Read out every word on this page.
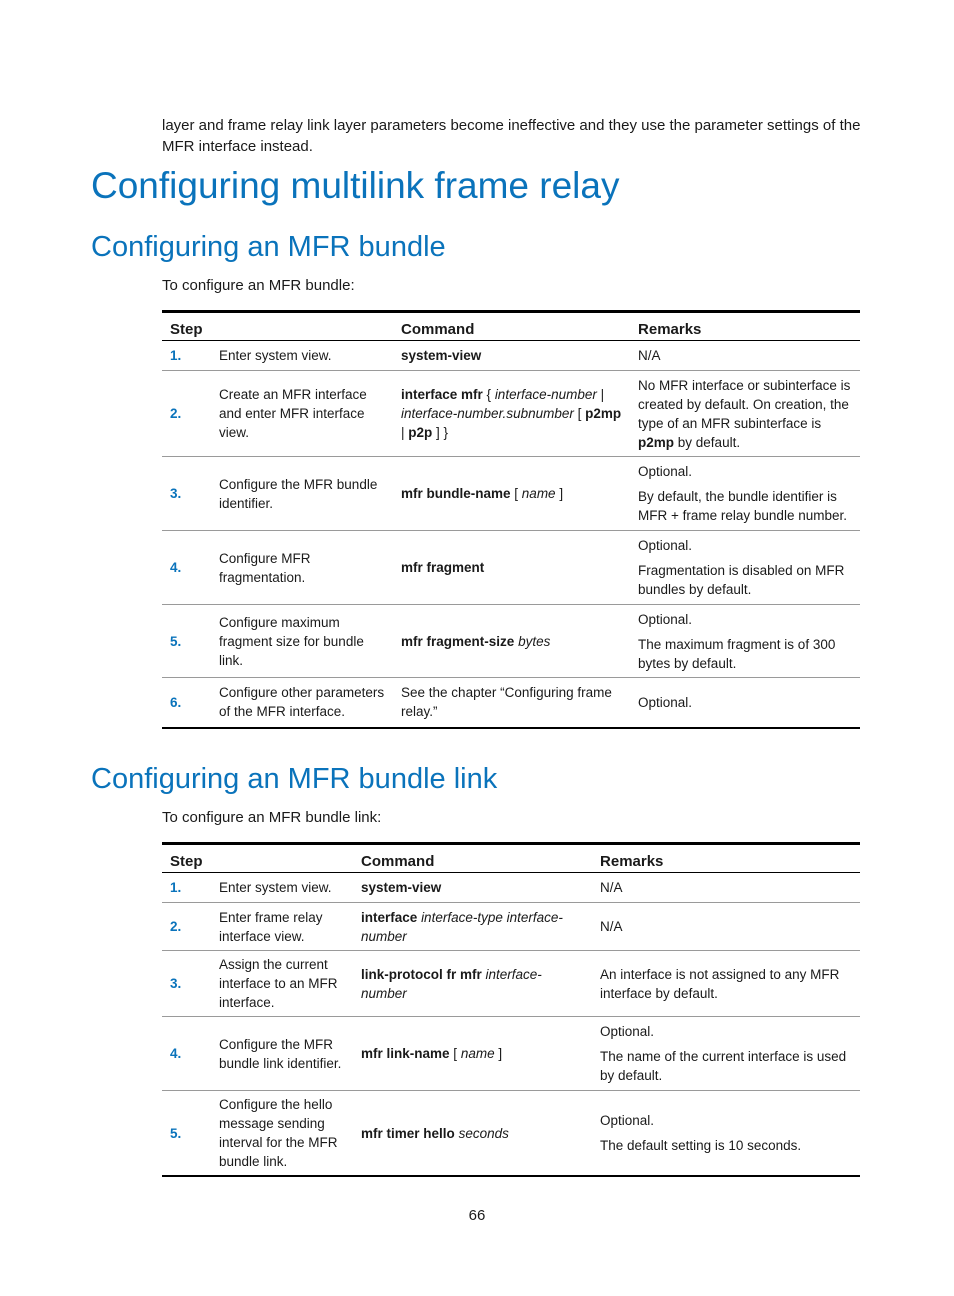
layer and frame relay link layer parameters become ineffective and they use the parameter settings of the MFR interface instead.

Configuring multilink frame relay
Configuring an MFR bundle
To configure an MFR bundle:
Step		Command	Remarks
1.	Enter system view.	system-view	N/A

2.	Create an MFR interface and enter MFR interface view.	interface mfr { interface-number | interface-number.subnumber [ p2mp | p2p ] }	No MFR interface or subinterface is created by default. On creation, the type of an MFR subinterface is p2mp by default.
3.	Configure the MFR bundle identifier.	mfr bundle-name [ name ]	Optional.
By default, the bundle identifier is MFR + frame relay bundle number.

4.	Configure MFR fragmentation.	mfr fragment	Optional.
Fragmentation is disabled on MFR bundles by default.

5.	Configure maximum fragment size for bundle link.	mfr fragment-size bytes	Optional.
The maximum fragment is of 300 bytes by default.

6.	Configure other parameters of the MFR interface.	See the chapter “Configuring frame relay.”	Optional.
Configuring an MFR bundle link
To configure an MFR bundle link:
Step		Command	Remarks
1.	Enter system view.	system-view	N/A

2.	Enter frame relay interface view.	interface interface-type interface-number	N/A

3.	Assign the current interface to an MFR interface.	link-protocol fr mfr interface-number	An interface is not assigned to any MFR interface by default.

4.	Configure the MFR bundle link identifier.	mfr link-name [ name ]	Optional.
The name of the current interface is used by default.

5.	Configure the hello message sending interval for the MFR bundle link.	mfr timer hello seconds	Optional.
The default setting is 10 seconds.
66
